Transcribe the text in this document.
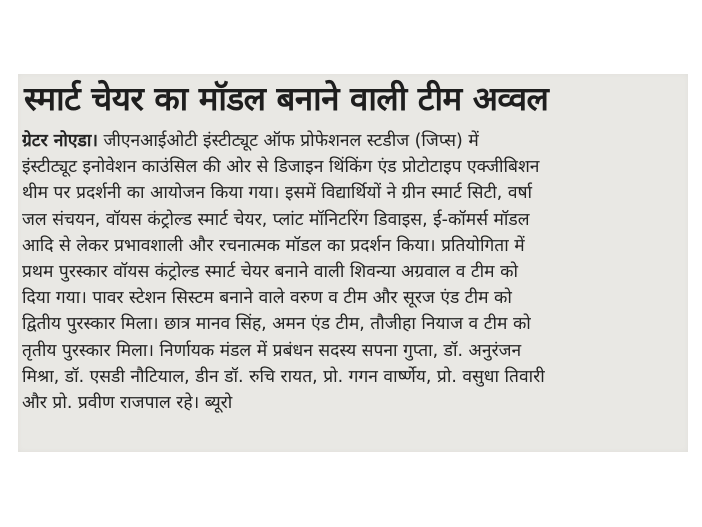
स्मार्ट चेयर का मॉडल बनाने वाली टीम अव्वल
ग्रेटर नोएडा। जीएनआईओटी इंस्टीट्यूट ऑफ प्रोफेशनल स्टडीज (जिप्स) में
इंस्टीट्यूट इनोवेशन काउंसिल की ओर से डिजाइन थिंकिंग एंड प्रोटोटाइप एक्जीबिशन
थीम पर प्रदर्शनी का आयोजन किया गया। इसमें विद्यार्थियों ने ग्रीन स्मार्ट सिटी, वर्षा
जल संचयन, वॉयस कंट्रोल्ड स्मार्ट चेयर, प्लांट मॉनिटरिंग डिवाइस, ई-कॉमर्स मॉडल
आदि से लेकर प्रभावशाली और रचनात्मक मॉडल का प्रदर्शन किया। प्रतियोगिता में
प्रथम पुरस्कार वॉयस कंट्रोल्ड स्मार्ट चेयर बनाने वाली शिवन्या अग्रवाल व टीम को
दिया गया। पावर स्टेशन सिस्टम बनाने वाले वरुण व टीम और सूरज एंड टीम को
द्वितीय पुरस्कार मिला। छात्र मानव सिंह, अमन एंड टीम, तौजीहा नियाज व टीम को
तृतीय पुरस्कार मिला। निर्णायक मंडल में प्रबंधन सदस्य सपना गुप्ता, डॉ. अनुरंजन
मिश्रा, डॉ. एसडी नौटियाल, डीन डॉ. रुचि रायत, प्रो. गगन वार्ष्णेय, प्रो. वसुधा तिवारी
और प्रो. प्रवीण राजपाल रहे। ब्यूरो
